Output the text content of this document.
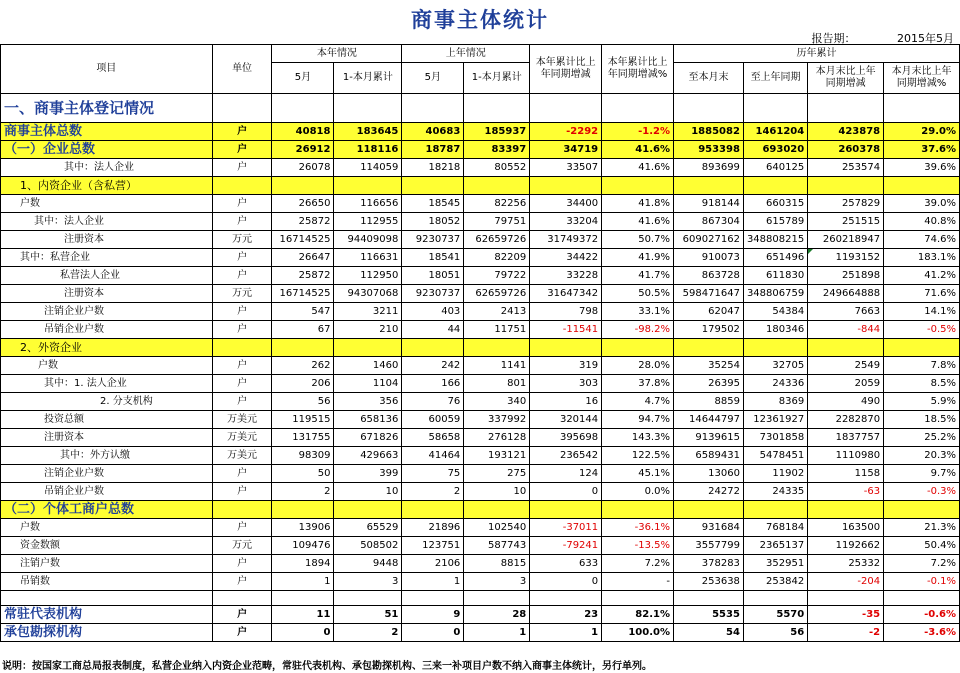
商事主体统计
报告期：	2015年5月
项目	单位	本年情况		上年情况		本年累计比上年同期增减	本年累计比上年同期增减%	历年累计			
		5月	1-本月累计	5月	1-本月累计			至本月末	至上年同期	本月末比上年同期增减	本月末比上年同期增减%

一、商事主体登记情况											
商事主体总数	户	40818	183645	40683	185937	-2292	-1.2%	1885082	1461204	423878	29.0%
（一）企业总数	户	26912	118116	18787	83397	34719	41.6%	953398	693020	260378	37.6%
其中：法人企业	户	26078	114059	18218	80552	33507	41.6%	893699	640125	253574	39.6%
1、内资企业（含私营）											
户数	户	26650	116656	18545	82256	34400	41.8%	918144	660315	257829	39.0%
其中：法人企业	户	25872	112955	18052	79751	33204	41.6%	867304	615789	251515	40.8%
注册资本	万元	16714525	94409098	9230737	62659726	31749372	50.7%	609027162	348808215	260218947	74.6%
其中：私营企业	户	26647	116631	18541	82209	34422	41.9%	910073	651496	1193152	183.1%
私营法人企业	户	25872	112950	18051	79722	33228	41.7%	863728	611830	251898	41.2%
注册资本	万元	16714525	94307068	9230737	62659726	31647342	50.5%	598471647	348806759	249664888	71.6%
注销企业户数	户	547	3211	403	2413	798	33.1%	62047	54384	7663	14.1%
吊销企业户数	户	67	210	44	11751	-11541	-98.2%	179502	180346	-844	-0.5%
2、外资企业											
户数	户	262	1460	242	1141	319	28.0%	35254	32705	2549	7.8%
其中：1. 法人企业	户	206	1104	166	801	303	37.8%	26395	24336	2059	8.5%
2. 分支机构	户	56	356	76	340	16	4.7%	8859	8369	490	5.9%
投资总额	万美元	119515	658136	60059	337992	320144	94.7%	14644797	12361927	2282870	18.5%
注册资本	万美元	131755	671826	58658	276128	395698	143.3%	9139615	7301858	1837757	25.2%
其中：外方认缴	万美元	98309	429663	41464	193121	236542	122.5%	6589431	5478451	1110980	20.3%
注销企业户数	户	50	399	75	275	124	45.1%	13060	11902	1158	9.7%
吊销企业户数	户	2	10	2	10	0	0.0%	24272	24335	-63	-0.3%
（二）个体工商户总数											
户数	户	13906	65529	21896	102540	-37011	-36.1%	931684	768184	163500	21.3%
资金数额	万元	109476	508502	123751	587743	-79241	-13.5%	3557799	2365137	1192662	50.4%
注销户数	户	1894	9448	2106	8815	633	7.2%	378283	352951	25332	7.2%
吊销数	户	1	3	1	3	0	-	253638	253842	-204	-0.1%

常驻代表机构	户	11	51	9	28	23	82.1%	5535	5570	-35	-0.6%
承包勘探机构	户	0	2	0	1	1	100.0%	54	56	-2	-3.6%
说明：按国家工商总局报表制度，私营企业纳入内资企业范畴，常驻代表机构、承包勘探机构、三来一补项目户数不纳入商事主体统计，另行单列。
